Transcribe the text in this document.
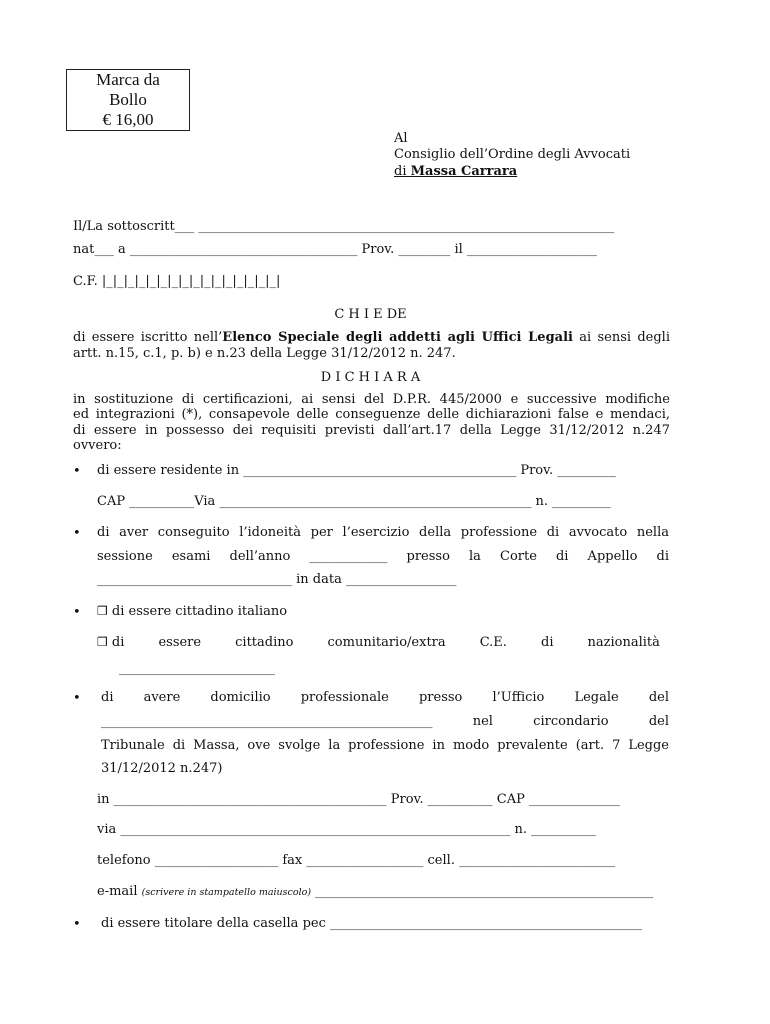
Marca da
Bollo
€ 16,00
Al
Consiglio dell’Ordine degli Avvocati
di Massa Carrara
Il/La sottoscritt___ ________________________________________________________________
nat___ a ___________________________________ Prov. ________ il ____________________
C.F. |_|_|_|_|_|_|_|_|_|_|_|_|_|_|_|_|
C H I E DE
di essere iscritto nell’Elenco Speciale degli addetti agli Uffici Legali ai sensi degli
artt. n.15, c.1, p. b) e n.23 della Legge 31/12/2012 n. 247.
D I C H I A R A
in sostituzione di certificazioni, ai sensi del D.P.R. 445/2000 e successive modifiche
ed integrazioni (*), consapevole delle conseguenze delle dichiarazioni false e mendaci,
di essere in possesso dei requisiti previsti dall’art.17 della Legge 31/12/2012 n.247
ovvero:
• di essere residente in __________________________________________ Prov. _________
CAP __________Via ________________________________________________ n. _________
• di aver conseguito l’idoneità per l’esercizio della professione di avvocato nella
sessione esami dell’anno ____________ presso la Corte di Appello di
______________________________ in data _________________
• ❒ di essere cittadino italiano
❒ di essere cittadino comunitario/extra C.E. di nazionalità
________________________
• di avere domicilio professionale presso l’Ufficio Legale del
___________________________________________________ nel circondario del
Tribunale di Massa, ove svolge la professione in modo prevalente (art. 7 Legge
31/12/2012 n.247)
in __________________________________________ Prov. __________ CAP ______________
via ____________________________________________________________ n. __________
telefono ___________________ fax __________________ cell. ________________________
e-mail (scrivere in stampatello maiuscolo) ____________________________________________________
• di essere titolare della casella pec ________________________________________________
